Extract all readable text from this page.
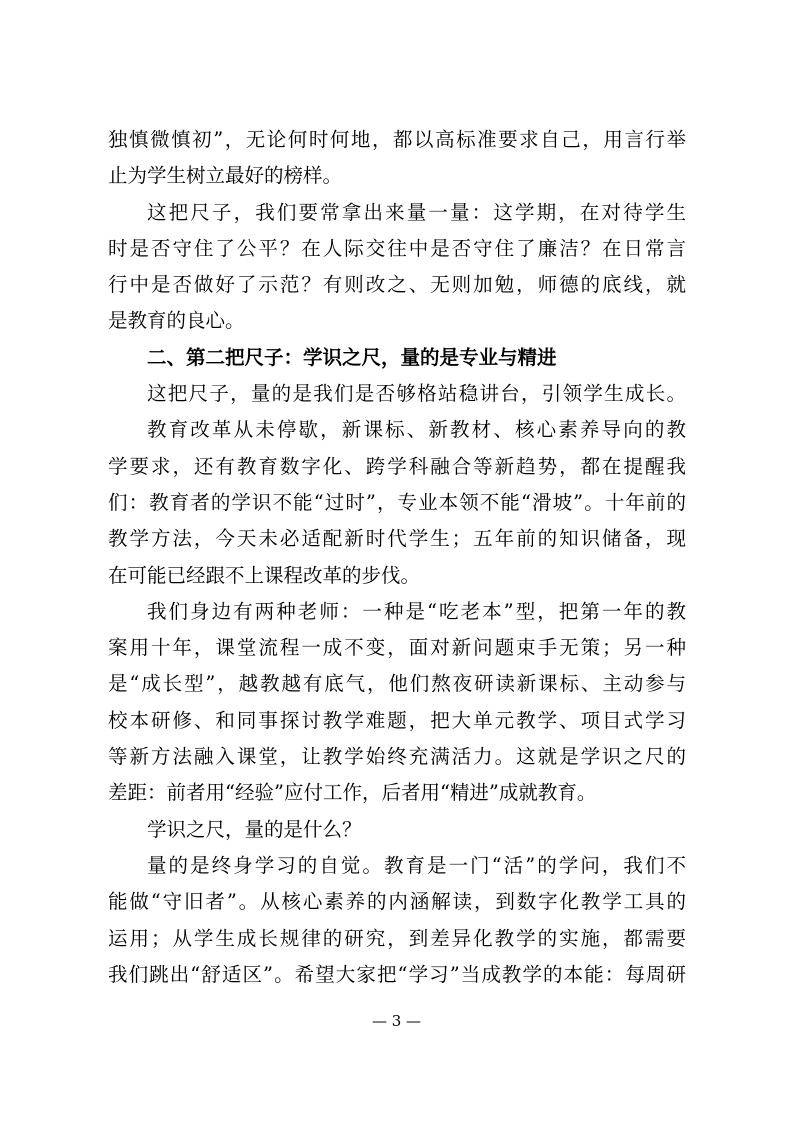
独慎微慎初”，无论何时何地，都以高标准要求自己，用言行举
止为学生树立最好的榜样。
这把尺子，我们要常拿出来量一量：这学期，在对待学生
时是否守住了公平？在人际交往中是否守住了廉洁？在日常言
行中是否做好了示范？有则改之、无则加勉，师德的底线，就
是教育的良心。
二、第二把尺子：学识之尺，量的是专业与精进
这把尺子，量的是我们是否够格站稳讲台，引领学生成长。
教育改革从未停歇，新课标、新教材、核心素养导向的教
学要求，还有教育数字化、跨学科融合等新趋势，都在提醒我
们：教育者的学识不能“过时”，专业本领不能“滑坡”。十年前的
教学方法，今天未必适配新时代学生；五年前的知识储备，现
在可能已经跟不上课程改革的步伐。
我们身边有两种老师：一种是“吃老本”型，把第一年的教
案用十年，课堂流程一成不变，面对新问题束手无策；另一种
是“成长型”，越教越有底气，他们熬夜研读新课标、主动参与
校本研修、和同事探讨教学难题，把大单元教学、项目式学习
等新方法融入课堂，让教学始终充满活力。这就是学识之尺的
差距：前者用“经验”应付工作，后者用“精进”成就教育。
学识之尺，量的是什么？
量的是终身学习的自觉。教育是一门“活”的学问，我们不
能做“守旧者”。从核心素养的内涵解读，到数字化教学工具的
运用；从学生成长规律的研究，到差异化教学的实施，都需要
我们跳出“舒适区”。希望大家把“学习”当成教学的本能：每周研
— 3 —
